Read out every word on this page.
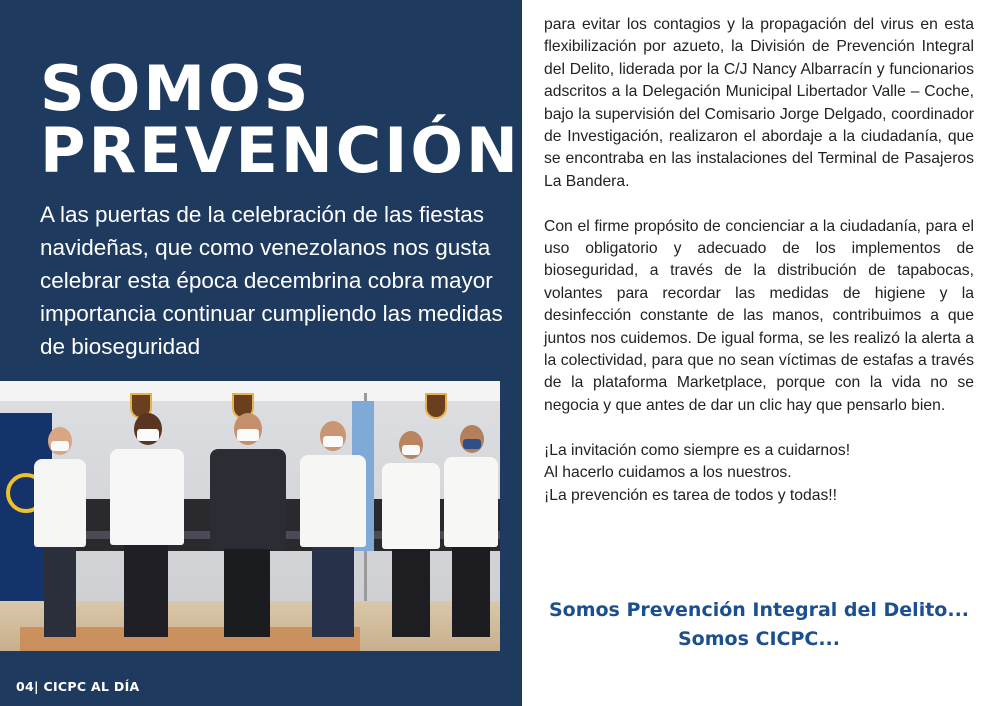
SOMOS
PREVENCIÓN

A las puertas de la celebración de las fiestas navideñas, que como venezolanos nos gusta celebrar esta época decembrina cobra mayor importancia continuar cumpliendo las medidas de bioseguridad

04| CICPC AL DÍA

para evitar los contagios y la propagación del virus en esta flexibilización por azueto, la División de Prevención Integral del Delito, liderada por la C/J Nancy Albarracín y funcionarios adscritos a la Delegación Municipal Libertador Valle – Coche, bajo la supervisión del Comisario Jorge Delgado, coordinador de Investigación, realizaron el abordaje a la ciudadanía, que se encontraba en las instalaciones del Terminal de Pasajeros La Bandera.

Con el firme propósito de concienciar a la ciudadanía, para el uso obligatorio y adecuado de los implementos de bioseguridad, a través de la distribución de tapabocas, volantes para recordar las medidas de higiene y la desinfección constante de las manos, contribuimos a que juntos nos cuidemos. De igual forma, se les realizó la alerta a la colectividad, para que no sean víctimas de estafas a través de la plataforma Marketplace, porque con la vida no se negocia y que antes de dar un clic hay que pensarlo bien.

¡La invitación como siempre es a cuidarnos!

Al hacerlo cuidamos a los nuestros.

¡La prevención es tarea de todos y todas!!

Somos Prevención Integral del Delito...
Somos CICPC...
